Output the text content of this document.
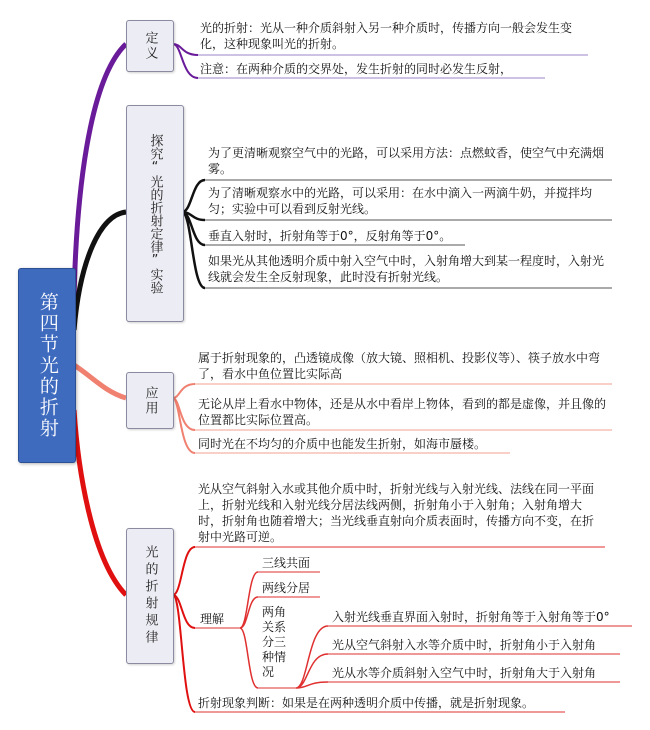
第四节光的折射
定义
探究“光的折射定律”实验
应用
光的折射规律
光的折射：光从一种介质斜射入另一种介质时，传播方向一般会发生变化，这种现象叫光的折射。
注意：在两种介质的交界处，发生折射的同时必发生反射，
为了更清晰观察空气中的光路，可以采用方法：点燃蚊香，使空气中充满烟雾。
为了清晰观察水中的光路，可以采用：在水中滴入一两滴牛奶，并搅拌均匀；实验中可以看到反射光线。
垂直入射时，折射角等于0°，反射角等于0°。
如果光从其他透明介质中射入空气中时，入射角增大到某一程度时，入射光线就会发生全反射现象，此时没有折射光线。
属于折射现象的，凸透镜成像（放大镜、照相机、投影仪等）、筷子放水中弯了，看水中鱼位置比实际高
无论从岸上看水中物体，还是从水中看岸上物体，看到的都是虚像，并且像的位置都比实际位置高。
同时光在不均匀的介质中也能发生折射，如海市蜃楼。
光从空气斜射入水或其他介质中时，折射光线与入射光线、法线在同一平面上，折射光线和入射光线分居法线两侧，折射角小于入射角；入射角增大时，折射角也随着增大；当光线垂直射向介质表面时，传播方向不变，在折射中光路可逆。
理解
三线共面
两线分居
两角关系分三种情况
入射光线垂直界面入射时，折射角等于入射角等于0°
光从空气斜射入水等介质中时，折射角小于入射角
光从水等介质斜射入空气中时，折射角大于入射角
折射现象判断：如果是在两种透明介质中传播，就是折射现象。
